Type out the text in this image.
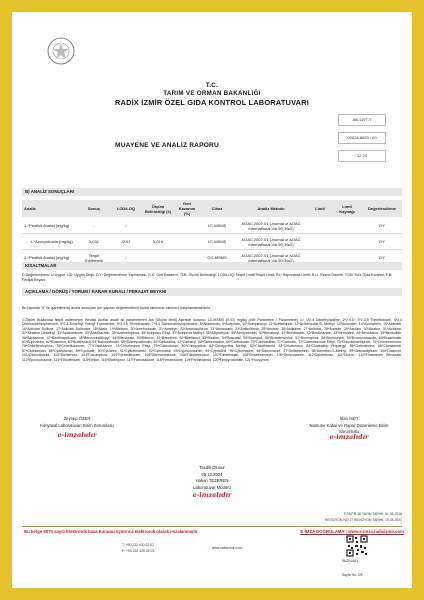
T.C.
TARIM VE ORMAN BAKANLIĞI
RADİX İZMİR ÖZEL GIDA KONTROL LABORATUVARI
MUAYENE VE ANALİZ RAPORU
AB-1197-T
02024-8653 / 00
12.24
B) ANALİZ SONUÇLARI
Analiz	Sonuç	LOD/LOQ	Ölçüm Belirsizliği (±)	Geri Kazanım (%)	Cihaz	Analiz Metodu	Limit	Limit Kaynağı	Değerlendirme
1-*Pestisit Analizi (mg/kg)	-	/			LC-MSMS	AOAC 2007.01 (Journal of AOAC International Vol.90, No2)			DY
1-*Azoxystrobin (mg/kg)	0,031	/0,01	0,016		LC-MSMS	AOAC 2007.01 (Journal of AOAC International Vol.90, No2)			DY
2-*Pestisit Analizi (mg/kg)	Tespit Edilemedi	/			GC-MSMS	AOAC 2007.01 (Journal of AOAC International Vol.90, No2)			DY
KISALTMALAR
D:Değerlendirme, U:Uygun, UD: Uygun Değil, D.Y: Değerlendirme Yapılamadı, G.K: Geri Kazanım, Ö.B: Ölçüm Belirsizliği, LOD/LOQ: Tespit Limiti/Tespit Limiti, RL: Raporlama Limiti, R.G: Resmi Gazete, TGK: Türk Gıda Kodeksi, F.B: Ferajat Beyanı
AÇIKLAMA / GÖRÜŞ / YORUM / KARAR KURALI / FERAJAT BEYANI
Bu raporda "#" ile işaretlenmiş analiz sonuçları için yapılan değerlendirme kalınlı tanımının tanımını karşılamamaktadır.
1-Ölçüm Bulanında tespit edilemeyen Pestisit Analizi analit ait parametreleri Adı [Ölçüm limiti] Aşırelde durumu: LC-MSMS (0,01) mg/kg (499 Parametre / Parametere) => 1*2,4 Dimethylaniline, 2*2,4-D, 3*2,3,5 Trimethacarb, 4*2,4 Dichlorobenzophenone, 5*2,4-Dimethyl Phenyl Formamide, 6*3,4,5 Trimethacarb, 7*4,4 Dichlorobenzophenone, 8*Abamectin, 9*Acephate, 10*Acequinocyl, 11*Acetamiprid, 12*Acibenzolar-S- Methyl, 13*Aclonifen, 14*Acrinathrin, 15*Aldicarb, 16*Aldicarb Sulfone, 17*Aldicarb Sulfoxide, 18*Aldrin, 19*Allethrin, 20*Ametoctradin, 21*Ametryn, 22*Amidosulfuron, 23*Aminocarb, 24*Amisulbrom, 25*Amitraz, 26*Anilazine, 27*Anilofos, 28*Aramite, 29*Asulam, 30*Atraton, 31*Atrazine, 32*Atrazine Desethyl, 33*Azaconazole, 34*Azadirachtin, 35*Azamethiphos, 36*Azinphos Ethyl, 37*Azinphos Methyl, 38*Aziprotryne, 39*Azoxystrobin, 40*Benalaxyl, 41*Bendiocarb, 42*Benfuracarb, 43*Benodanil, 44*Benoxacor, 45*Bensulide, 46*Bentazone, 47*Benthiavalicarb, 48*Benzovindiflupyr, 49*Bifenazate, 50*Bifenox, 51*Bifenthrin, 52*Bitertanol, 53*Bixafen, 54*Boscalid, 55*Bromacil, 56*Bromfenvinfos, 57*Bromophos, 58*Bromoxynil, 59*Bromuconazole, 60*Bupirimate, 61*Buprofezin, 62*Butachlor, 63*Butafenacil, 64*Butocarboxim, 65*Butoxycarboxim, 66*Cadusafos, 67*Carbaryl, 68*Carbendazim, 69*Carbofuran, 70*Carbosulfan, 71*Carboxin, 72*Carfentrazone Ethyl, 73*Chlorantraniliprole, 74*Chlorbromuron, 75*Chlorfenvinphos, 76*Chlorfluazuron, 77*Chloridazon, 78*Chlorimuron Ethyl, 79*Chloroxuron, 80*Chlorpyrifos, 81*Chlorpyrifos Methyl, 82*Chlorthiamid, 83*Chlortoluron, 84*Clodinafop Propargyl, 85*Clofentezine, 86*Clomazone, 87*Clothianidin, 88*Cyazofamid, 89*Cycloate, 90*Cycluron, 91*Cyflufenamid, 92*Cymoxanil, 93*Cyproconazole, 94*Cyprodinil, 95*Cyromazine, 96*Daminozide, 97*Deltamethrin, 98*Demeton-S-Methyl, 99*Desmedipham, 100*Diazinon, 101*Dichlofluanid, 102*Dichlorvos, 103*Dicrotophos, 104*Diethofencarb, 105*Difenoconazole, 106*Diflubenzuron, 107*Dimethoate, 108*Dimethomorph, 109*Diniconazole, 110*Dinotefuran, 111*Diuron, 112*Emamectin Benzoate, 113*Epoxiconazole, 114*Ethiofencarb, 115*Ethion, 116*Etofenprox, 117*Famoxadone, 118*Fenamidone, 119*Fenhexamid, 120*Fenpyroximate, 121*Fluopyram
Zeynep ÖZER
Kimyasal Laboratuvarı Birim Sorumlusu
e-imzalıdır
İrfan İSET
Numune Kabul ve Rapor Düzenleme Birim Sorumlusu
e-imzalıdır
Tasdik Olunur
05.12.2024
Hakan TEZEREN
Laboratuvar Müdürü
e-imzalıdır
F.03.PR.18 YAYIN TARİHİ: 01.06.2016
REVİZYON NO:17 REVİZYON TARİHİ: 19.04.2024
Bu belge 5070 sayılı Elektronik İmza Kanunu uyarınca elektronik olarak imzalanmıştır.	E-İMZA DOĞRULAMA : www.e-imza.radixizmir.com
T: +90 232 400 02 02
F: +90 232 435 02 03
www.radixizmir.com
9A2F44A1
Sayfa No: 2/5
